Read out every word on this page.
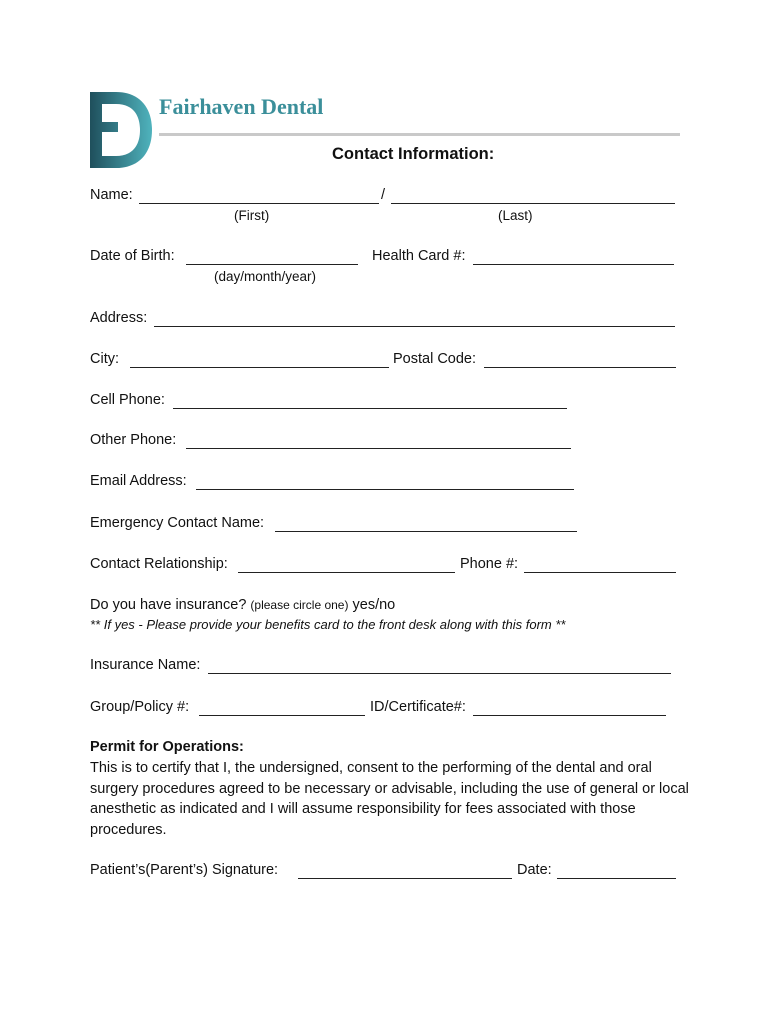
Fairhaven Dental
Contact Information:
Name:	/
(First)	(Last)
Date of Birth:	Health Card #:
(day/month/year)
Address:
City:	Postal Code:
Cell Phone:
Other Phone:
Email Address:
Emergency Contact Name:
Contact Relationship:	Phone #:
Do you have insurance? (please circle one) yes/no
** If yes - Please provide your benefits card to the front desk along with this form **
Insurance Name:
Group/Policy #:	ID/Certificate#:
Permit for Operations:
This is to certify that I, the undersigned, consent to the performing of the dental and oral surgery procedures agreed to be necessary or advisable, including the use of general or local anesthetic as indicated and I will assume responsibility for fees associated with those procedures.
Patient’s(Parent’s) Signature:	Date:
